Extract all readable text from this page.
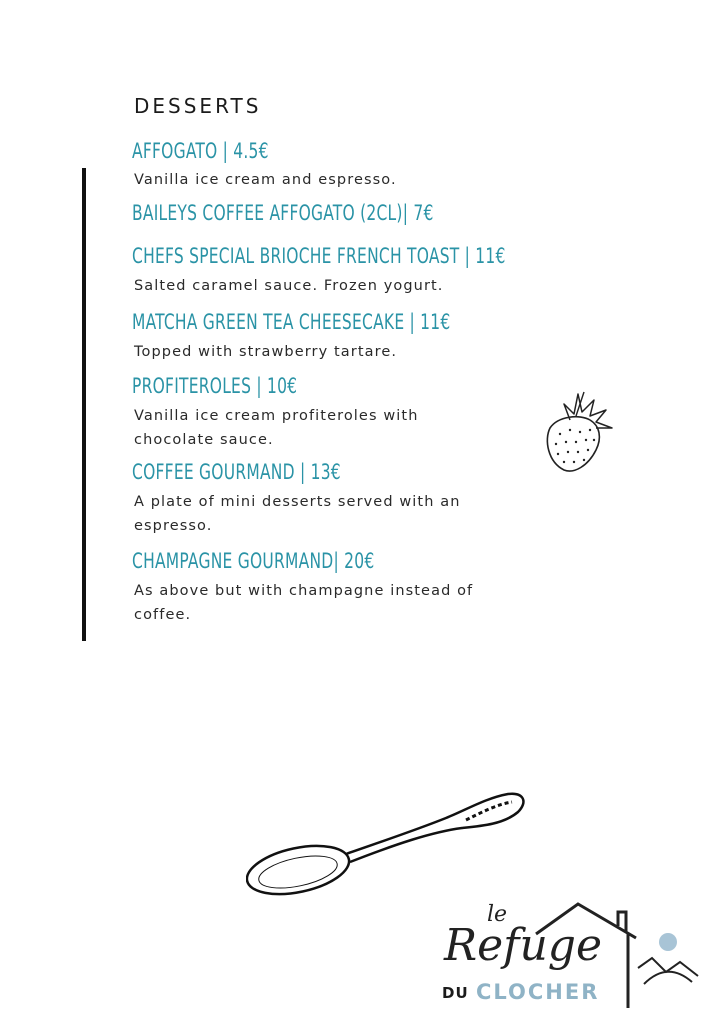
DESSERTS
AFFOGATO | 4.5€
Vanilla ice cream and espresso.
BAILEYS COFFEE AFFOGATO (2CL)| 7€
CHEFS SPECIAL BRIOCHE FRENCH TOAST | 11€
Salted caramel sauce. Frozen yogurt.
MATCHA GREEN TEA CHEESECAKE | 11€
Topped with strawberry tartare.
PROFITEROLES | 10€
Vanilla ice cream profiteroles with chocolate sauce.
COFFEE GOURMAND | 13€
A plate of mini desserts served with an espresso.
CHAMPAGNE GOURMAND| 20€
As above but with champagne instead of coffee.
le
Refuge
DU CLOCHER
